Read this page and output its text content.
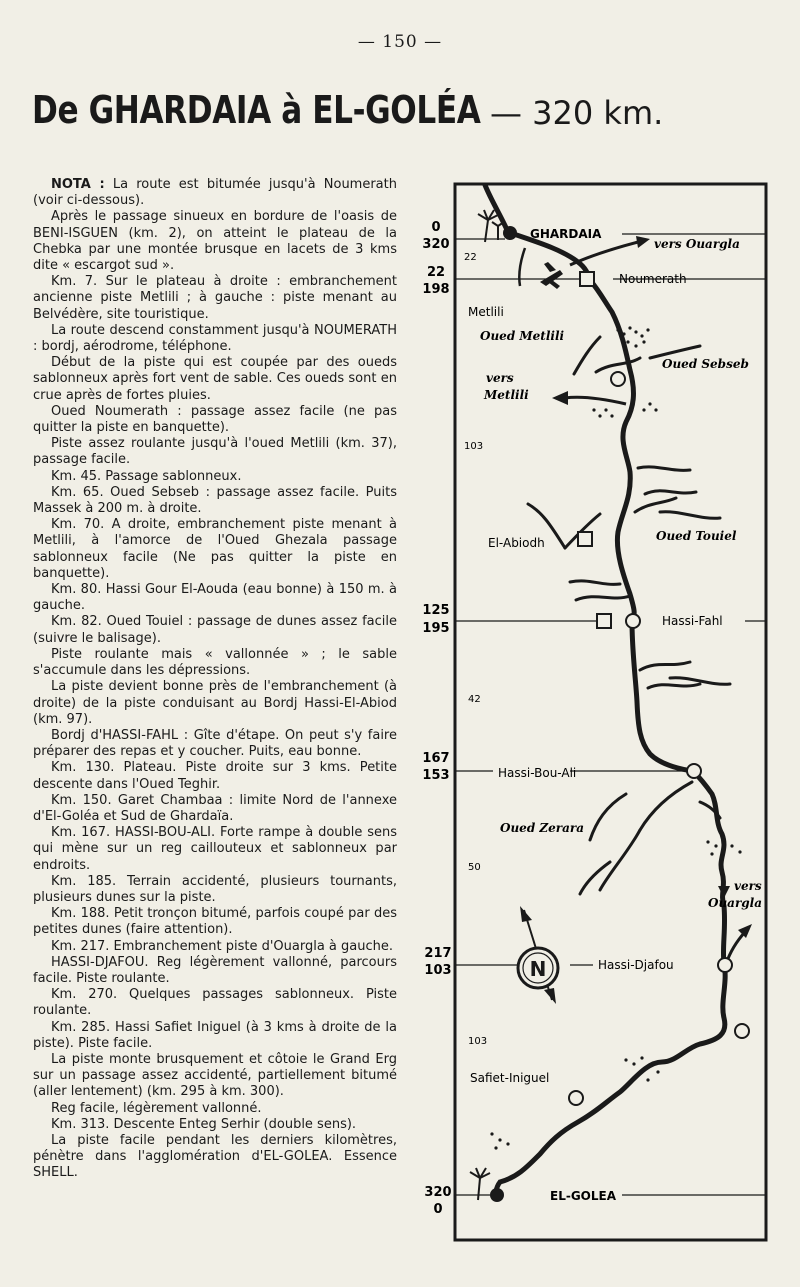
— 150 —
De GHARDAIA à EL-GOLÉA — 320 km.

NOTA : La route est bitumée jusqu'à Noumerath (voir ci-dessous).

Après le passage sinueux en bordure de l'oasis de BENI-ISGUEN (km. 2), on atteint le plateau de la Chebka par une montée brusque en lacets de 3 kms dite « escargot sud ».

Km. 7. Sur le plateau à droite : embranchement ancienne piste Metlili ; à gauche : piste menant au Belvédère, site touristique.

La route descend constamment jusqu'à NOUMERATH : bordj, aérodrome, téléphone.

Début de la piste qui est coupée par des oueds sablonneux après fort vent de sable. Ces oueds sont en crue après de fortes pluies.

Oued Noumerath : passage assez facile (ne pas quitter la piste en banquette).

Piste assez roulante jusqu'à l'oued Metlili (km. 37), passage facile.

Km. 45. Passage sablonneux.

Km. 65. Oued Sebseb : passage assez facile. Puits Massek à 200 m. à droite.

Km. 70. A droite, embranchement piste menant à Metlili, à l'amorce de l'Oued Ghezala passage sablonneux facile (Ne pas quitter la piste en banquette).

Km. 80. Hassi Gour El-Aouda (eau bonne) à 150 m. à gauche.

Km. 82. Oued Touiel : passage de dunes assez facile (suivre le balisage).

Piste roulante mais « vallonnée » ; le sable s'accumule dans les dépressions.

La piste devient bonne près de l'embranchement (à droite) de la piste conduisant au Bordj Hassi-El-Abiod (km. 97).

Bordj d'HASSI-FAHL : Gîte d'étape. On peut s'y faire préparer des repas et y coucher. Puits, eau bonne.

Km. 130. Plateau. Piste droite sur 3 kms. Petite descente dans l'Oued Teghir.

Km. 150. Garet Chambaa : limite Nord de l'annexe d'El-Goléa et Sud de Ghardaïa.

Km. 167. HASSI-BOU-ALI. Forte rampe à double sens qui mène sur un reg caillouteux et sablonneux par endroits.

Km. 185. Terrain accidenté, plusieurs tournants, plusieurs dunes sur la piste.

Km. 188. Petit tronçon bitumé, parfois coupé par des petites dunes (faire attention).

Km. 217. Embranchement piste d'Ouargla à gauche.

HASSI-DJAFOU. Reg légèrement vallonné, parcours facile. Piste roulante.

Km. 270. Quelques passages sablonneux. Piste roulante.

Km. 285. Hassi Safiet Iniguel (à 3 kms à droite de la piste). Piste facile.

La piste monte brusquement et côtoie le Grand Erg sur un passage assez accidenté, partiellement bitumé (aller lentement) (km. 295 à km. 300).

Reg facile, légèrement vallonné.

Km. 313. Descente Enteg Serhir (double sens).

La piste facile pendant les derniers kilomètres, pénètre dans l'agglomération d'EL-GOLEA. Essence SHELL.

N
0
320
22
198
125
195
167
153
217
103
320
0
GHARDAIA
Noumerath
Metlili
El-Abiodh
Hassi-Fahl
Hassi-Bou-Ali
Hassi-Djafou
Safiet-Iniguel
EL-GOLEA
vers Ouargla
vers
Metlili
vers
Ouargla
Oued Metlili
Oued Sebseb
Oued Touiel
Oued Zerara
22
103
42
50
103
